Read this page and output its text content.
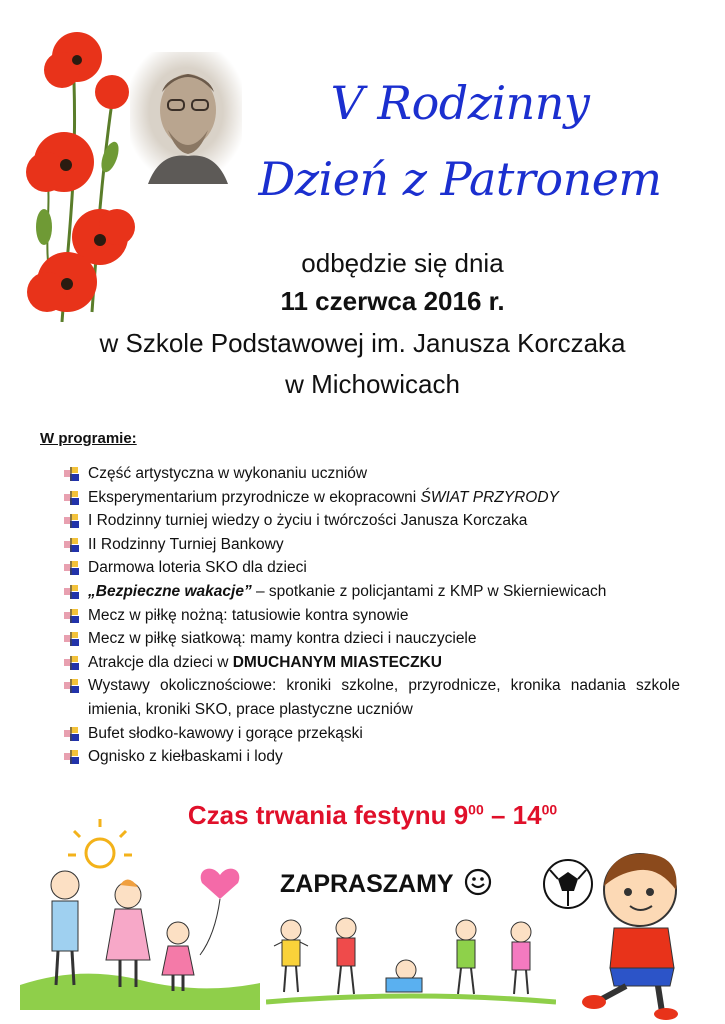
V Rodzinny
Dzień z Patronem
odbędzie się dnia
11 czerwca 2016 r.
w Szkole Podstawowej im. Janusza Korczaka
w Michowicach
W programie:
Część artystyczna w wykonaniu uczniów
Eksperymentarium przyrodnicze w ekopracowni ŚWIAT PRZYRODY
I Rodzinny turniej wiedzy o życiu i twórczości Janusza Korczaka
II Rodzinny Turniej Bankowy
Darmowa loteria SKO dla dzieci
„Bezpieczne wakacje” – spotkanie z policjantami z KMP w Skierniewicach
Mecz w piłkę nożną: tatusiowie kontra synowie
Mecz w piłkę siatkową: mamy kontra dzieci i nauczyciele
Atrakcje dla dzieci w DMUCHANYM MIASTECZKU
Wystawy okolicznościowe: kroniki szkolne, przyrodnicze, kronika nadania szkole imienia, kroniki SKO, prace plastyczne uczniów
Bufet słodko-kawowy i gorące przekąski
Ognisko z kiełbaskami i lody
Czas trwania festynu $9^{00} - 14^{00}$
ZAPRASZAMY
